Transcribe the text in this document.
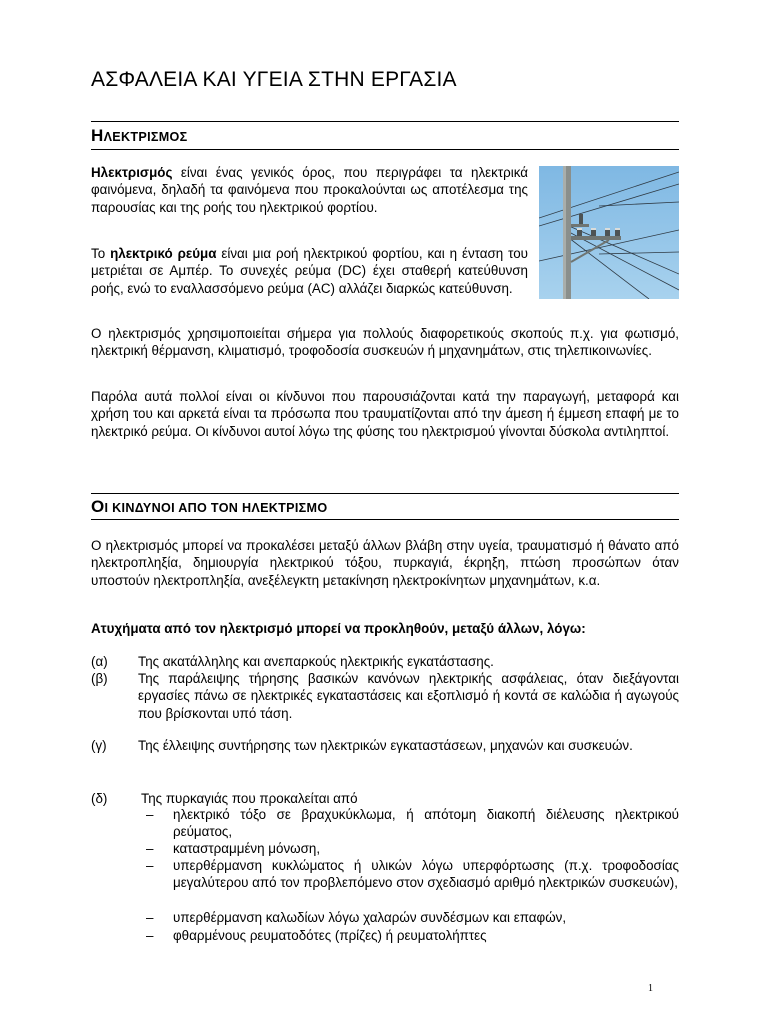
ΑΣΦΑΛΕΙΑ ΚΑΙ ΥΓΕΙΑ ΣΤΗΝ ΕΡΓΑΣΙΑ
ΗΛΕΚΤΡΙΣΜΟΣ
Ηλεκτρισμός είναι ένας γενικός όρος, που περιγράφει τα ηλεκτρικά φαινόμενα, δηλαδή τα φαινόμενα που προκαλούνται ως αποτέλεσμα της παρουσίας και της ροής του ηλεκτρικού φορτίου.
Το ηλεκτρικό ρεύμα είναι μια ροή ηλεκτρικού φορτίου, και η ένταση του μετριέται σε Αμπέρ. Το συνεχές ρεύμα (DC) έχει σταθερή κατεύθυνση ροής, ενώ το εναλλασσόμενο ρεύμα (AC) αλλάζει διαρκώς κατεύθυνση.
Ο ηλεκτρισμός χρησιμοποιείται σήμερα για πολλούς διαφορετικούς σκοπούς π.χ. για φωτισμό, ηλεκτρική θέρμανση, κλιματισμό, τροφοδοσία συσκευών ή μηχανημάτων, στις τηλεπικοινωνίες.
Παρόλα αυτά πολλοί είναι οι κίνδυνοι που παρουσιάζονται κατά την παραγωγή, μεταφορά και χρήση του και αρκετά είναι τα πρόσωπα που τραυματίζονται από την άμεση ή έμμεση επαφή με το ηλεκτρικό ρεύμα. Οι κίνδυνοι αυτοί λόγω της φύσης του ηλεκτρισμού γίνονται δύσκολα αντιληπτοί.
ΟΙ ΚΙΝΔΥΝΟΙ ΑΠΟ ΤΟΝ ΗΛΕΚΤΡΙΣΜΟ
Ο ηλεκτρισμός μπορεί να προκαλέσει μεταξύ άλλων βλάβη στην υγεία, τραυματισμό ή θάνατο από ηλεκτροπληξία, δημιουργία ηλεκτρικού τόξου, πυρκαγιά, έκρηξη, πτώση προσώπων όταν υποστούν ηλεκτροπληξία, ανεξέλεγκτη μετακίνηση ηλεκτροκίνητων μηχανημάτων, κ.α.
Ατυχήματα από τον ηλεκτρισμό μπορεί να προκληθούν, μεταξύ άλλων, λόγω:
(α) Της ακατάλληλης και ανεπαρκούς ηλεκτρικής εγκατάστασης.
(β) Της παράλειψης τήρησης βασικών κανόνων ηλεκτρικής ασφάλειας, όταν διεξάγονται εργασίες πάνω σε ηλεκτρικές εγκαταστάσεις και εξοπλισμό ή κοντά σε καλώδια ή αγωγούς που βρίσκονται υπό τάση.
(γ) Της έλλειψης συντήρησης των ηλεκτρικών εγκαταστάσεων, μηχανών και συσκευών.
(δ)	Της πυρκαγιάς που προκαλείται από
– ηλεκτρικό τόξο σε βραχυκύκλωμα, ή απότομη διακοπή διέλευσης ηλεκτρικού ρεύματος,
– καταστραμμένη μόνωση,
– υπερθέρμανση κυκλώματος ή υλικών λόγω υπερφόρτωσης (π.χ. τροφοδοσίας μεγαλύτερου από τον προβλεπόμενο στον σχεδιασμό αριθμό ηλεκτρικών συσκευών),
– υπερθέρμανση καλωδίων λόγω χαλαρών συνδέσμων και επαφών,
– φθαρμένους ρευματοδότες (πρίζες) ή ρευματολήπτες
1
